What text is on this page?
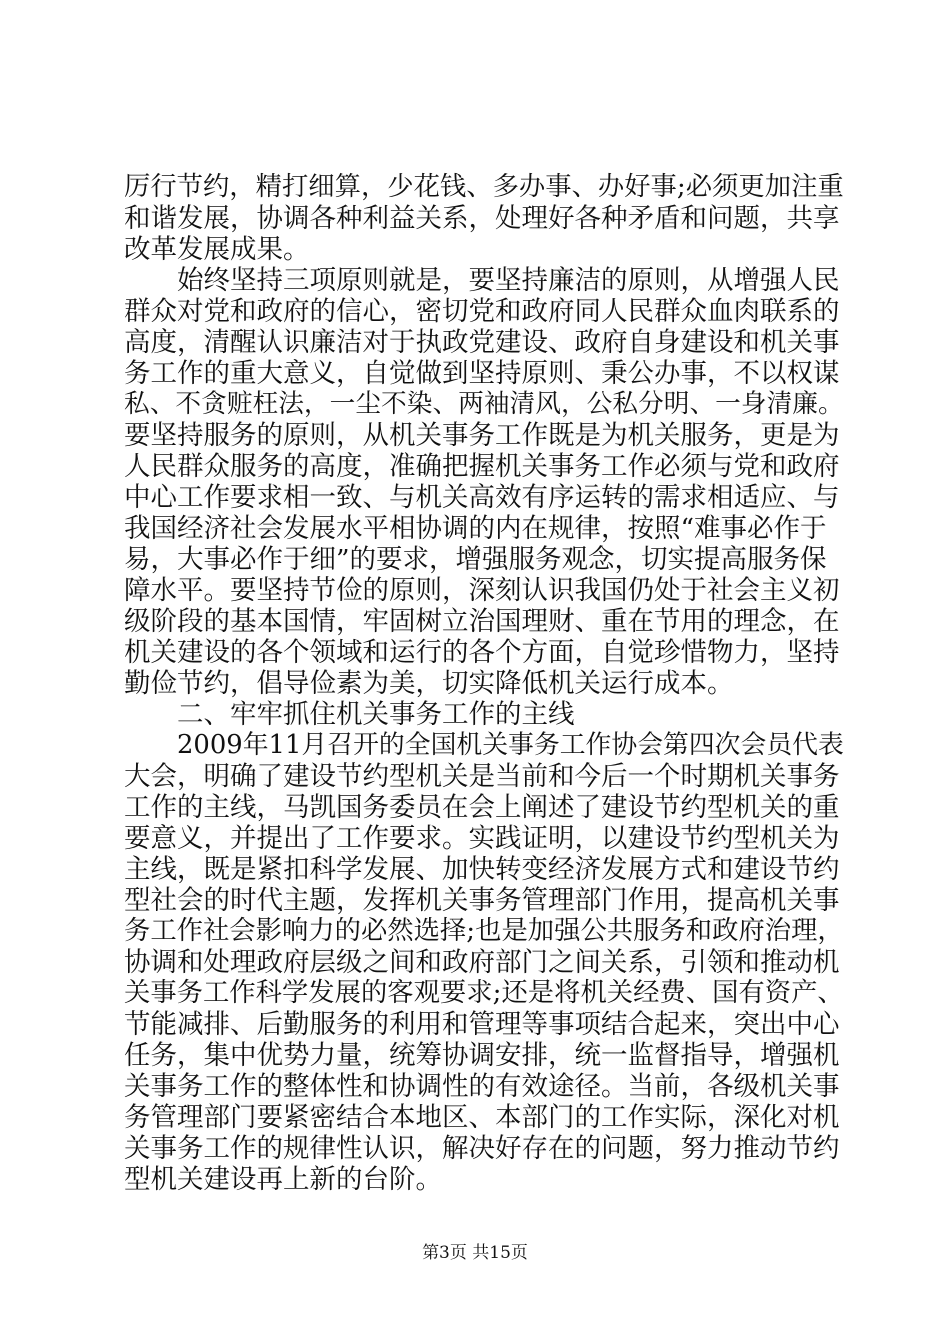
厉行节约，精打细算，少花钱、多办事、办好事;必须更加注重
和谐发展，协调各种利益关系，处理好各种矛盾和问题，共享
改革发展成果。
始终坚持三项原则就是，要坚持廉洁的原则，从增强人民
群众对党和政府的信心，密切党和政府同人民群众血肉联系的
高度，清醒认识廉洁对于执政党建设、政府自身建设和机关事
务工作的重大意义，自觉做到坚持原则、秉公办事，不以权谋
私、不贪赃枉法，一尘不染、两袖清风，公私分明、一身清廉。
要坚持服务的原则，从机关事务工作既是为机关服务，更是为
人民群众服务的高度，准确把握机关事务工作必须与党和政府
中心工作要求相一致、与机关高效有序运转的需求相适应、与
我国经济社会发展水平相协调的内在规律，按照“难事必作于
易，大事必作于细”的要求，增强服务观念，切实提高服务保
障水平。要坚持节俭的原则，深刻认识我国仍处于社会主义初
级阶段的基本国情，牢固树立治国理财、重在节用的理念，在
机关建设的各个领域和运行的各个方面，自觉珍惜物力，坚持
勤俭节约，倡导俭素为美，切实降低机关运行成本。
二、牢牢抓住机关事务工作的主线
2009年11月召开的全国机关事务工作协会第四次会员代表
大会，明确了建设节约型机关是当前和今后一个时期机关事务
工作的主线，马凯国务委员在会上阐述了建设节约型机关的重
要意义，并提出了工作要求。实践证明，以建设节约型机关为
主线，既是紧扣科学发展、加快转变经济发展方式和建设节约
型社会的时代主题，发挥机关事务管理部门作用，提高机关事
务工作社会影响力的必然选择;也是加强公共服务和政府治理，
协调和处理政府层级之间和政府部门之间关系，引领和推动机
关事务工作科学发展的客观要求;还是将机关经费、国有资产、
节能减排、后勤服务的利用和管理等事项结合起来，突出中心
任务，集中优势力量，统筹协调安排，统一监督指导，增强机
关事务工作的整体性和协调性的有效途径。当前，各级机关事
务管理部门要紧密结合本地区、本部门的工作实际，深化对机
关事务工作的规律性认识，解决好存在的问题，努力推动节约
型机关建设再上新的台阶。
第3页 共15页
